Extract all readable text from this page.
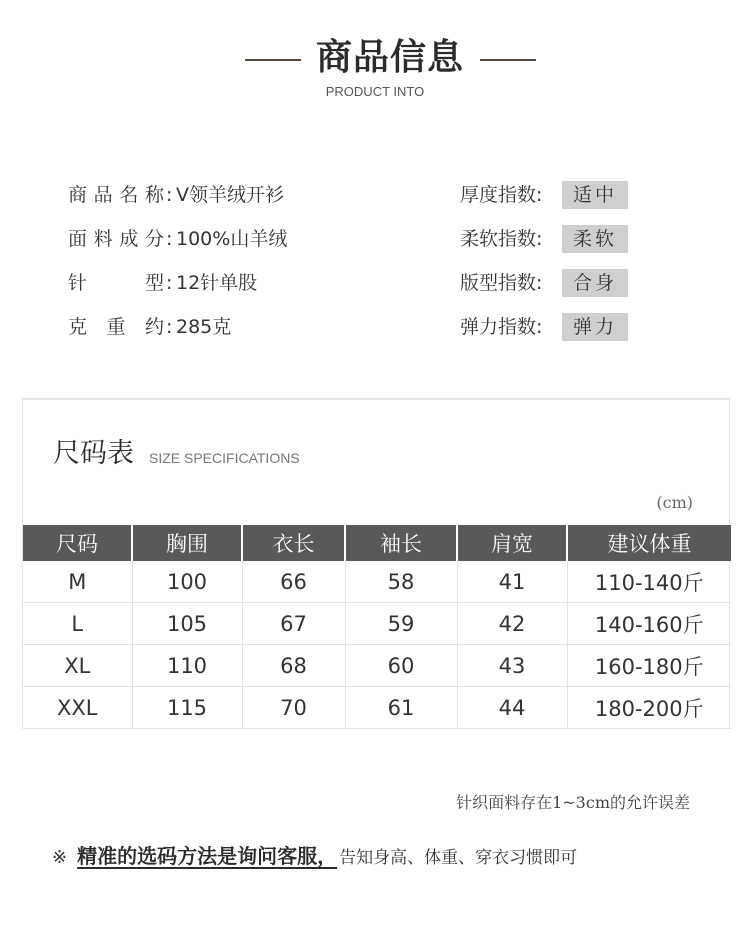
商品信息
PRODUCT INTO
商品名称 : V领羊绒开衫
面料成分 : 100%山羊绒
针型 : 12针单股
克重约 : 285克
厚度指数:	适中
柔软指数:	柔软
版型指数:	合身
弹力指数:	弹力
尺码表 SIZE SPECIFICATIONS
(cm)
尺码	胸围	衣长	袖长	肩宽	建议体重
M	100	66	58	41	110-140斤
L	105	67	59	42	140-160斤
XL	110	68	60	43	160-180斤
XXL	115	70	61	44	180-200斤
针织面料存在1~3cm的允许误差
※ 精准的选码方法是询问客服， 告知身高、体重、穿衣习惯即可
